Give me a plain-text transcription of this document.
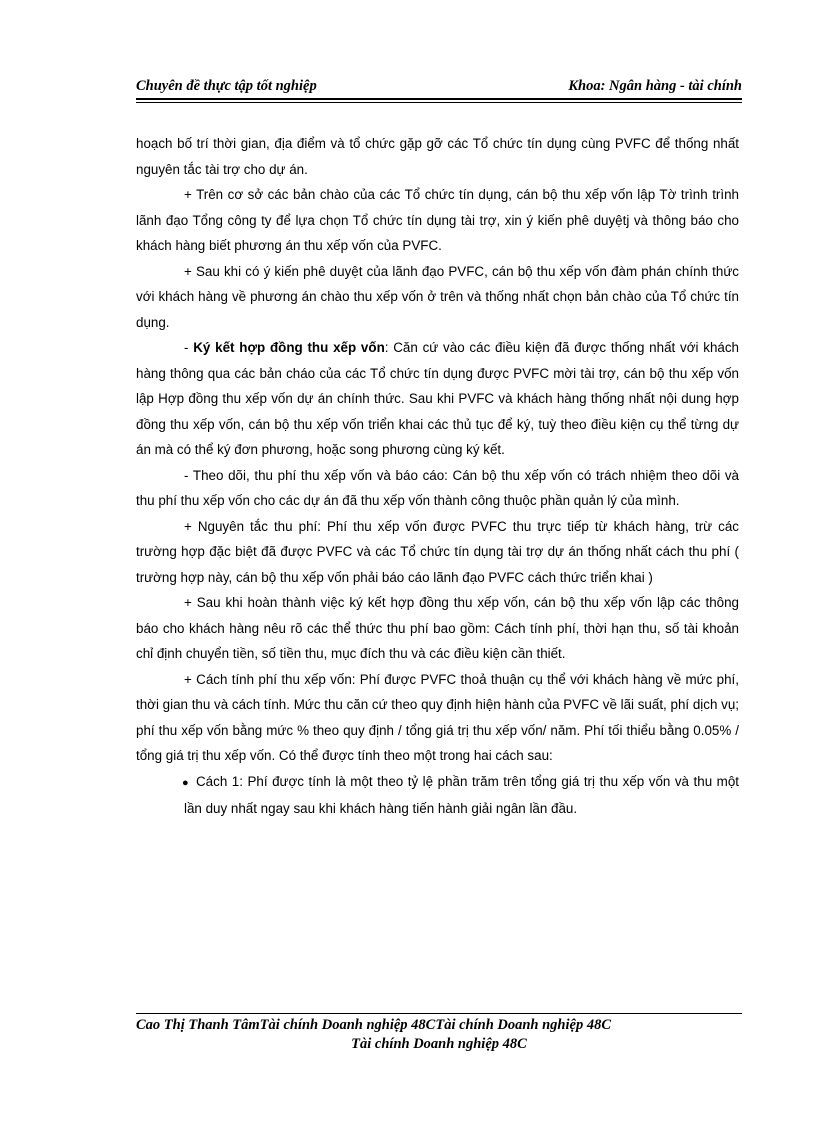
Chuyên đề thực tập tốt nghiệp	Khoa: Ngân hàng - tài chính

hoạch bố trí thời gian, địa điểm và tổ chức gặp gỡ các Tổ chức tín dụng cùng PVFC để thống nhất nguyên tắc tài trợ cho dự án.

+ Trên cơ sở các bản chào của các Tổ chức tín dụng, cán bộ thu xếp vốn lập Tờ trình trình lãnh đạo Tổng công ty để lựa chọn Tổ chức tín dụng tài trợ, xin ý kiến phê duyệtj và thông báo cho khách hàng biết phương án thu xếp vốn của PVFC.

+ Sau khi có ý kiến phê duyệt của lãnh đạo PVFC, cán bộ thu xếp vốn đàm phán chính thức với khách hàng về phương án chào thu xếp vốn ở trên và thống nhất chọn bản chào của Tổ chức tín dụng.

- Ký kết hợp đồng thu xếp vốn: Căn cứ vào các điều kiện đã được thống nhất với khách hàng thông qua các bản cháo của các Tổ chức tín dụng được PVFC mời tài trợ, cán bộ thu xếp vốn lập Hợp đồng thu xếp vốn dự án chính thức. Sau khi PVFC và khách hàng thống nhất nội dung hợp đồng thu xếp vốn, cán bộ thu xếp vốn triển khai các thủ tục để ký, tuỳ theo điều kiện cụ thể từng dự án mà có thể ký đơn phương, hoặc song phương cùng ký kết.

- Theo dõi, thu phí thu xếp vốn và báo cáo: Cán bộ thu xếp vốn có trách nhiệm theo dõi và thu phí thu xếp vốn cho các dự án đã thu xếp vốn thành công thuộc phần quản lý của mình.

+ Nguyên tắc thu phí: Phí thu xếp vốn được PVFC thu trực tiếp từ khách hàng, trừ các trường hợp đặc biệt đã được PVFC và các Tổ chức tín dụng tài trợ dự án thống nhất cách thu phí ( trường hợp này, cán bộ thu xếp vốn phải báo cáo lãnh đạo PVFC cách thức triển khai )

+ Sau khi hoàn thành việc ký kết hợp đồng thu xếp vốn, cán bộ thu xếp vốn lập các thông báo cho khách hàng nêu rõ các thể thức thu phí bao gồm: Cách tính phí, thời hạn thu, số tài khoản chỉ định chuyển tiền, số tiền thu, mục đích thu và các điều kiện cần thiết.

+ Cách tính phí thu xếp vốn: Phí được PVFC thoả thuận cụ thể với khách hàng về mức phí, thời gian thu và cách tính. Mức thu căn cứ theo quy định hiện hành của PVFC về lãi suất, phí dịch vụ; phí thu xếp vốn bằng mức % theo quy định / tổng giá trị thu xếp vốn/ năm. Phí tối thiểu bằng 0.05% / tổng giá trị thu xếp vốn. Có thể được tính theo một trong hai cách sau:

● Cách 1: Phí được tính là một theo tỷ lệ phần trăm trên tổng giá trị thu xếp vốn và thu một lần duy nhất ngay sau khi khách hàng tiến hành giải ngân lần đầu.

Cao Thị Thanh TâmTài chính Doanh nghiệp 48CTài chính Doanh nghiệp 48C
Tài chính Doanh nghiệp 48C
